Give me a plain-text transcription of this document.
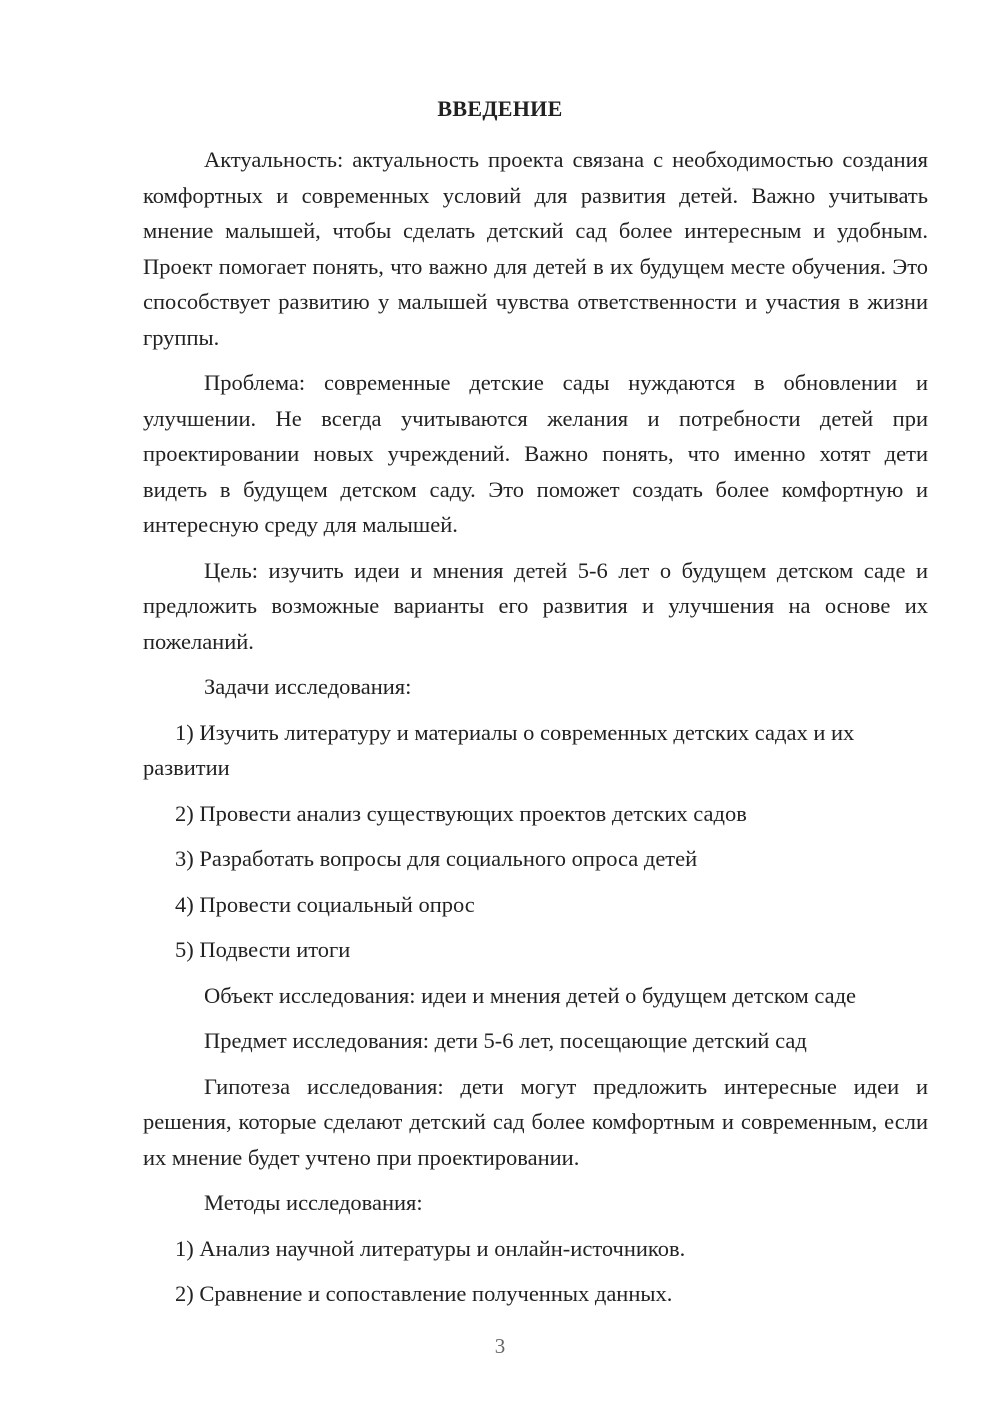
ВВЕДЕНИЕ

Актуальность: актуальность проекта связана с необходимостью создания комфортных и современных условий для развития детей. Важно учитывать мнение малышей, чтобы сделать детский сад более интересным и удобным. Проект помогает понять, что важно для детей в их будущем месте обучения. Это способствует развитию у малышей чувства ответственности и участия в жизни группы.

Проблема: современные детские сады нуждаются в обновлении и улучшении. Не всегда учитываются желания и потребности детей при проектировании новых учреждений. Важно понять, что именно хотят дети видеть в будущем детском саду. Это поможет создать более комфортную и интересную среду для малышей.

Цель: изучить идеи и мнения детей 5-6 лет о будущем детском саде и предложить возможные варианты его развития и улучшения на основе их пожеланий.

Задачи исследования:

1) Изучить литературу и материалы о современных детских садах и их развитии

2) Провести анализ существующих проектов детских садов

3) Разработать вопросы для социального опроса детей

4) Провести социальный опрос

5) Подвести итоги

Объект исследования: идеи и мнения детей о будущем детском саде

Предмет исследования: дети 5-6 лет, посещающие детский сад

Гипотеза исследования: дети могут предложить интересные идеи и решения, которые сделают детский сад более комфортным и современным, если их мнение будет учтено при проектировании.

Методы исследования:

1) Анализ научной литературы и онлайн-источников.

2) Сравнение и сопоставление полученных данных.

3
